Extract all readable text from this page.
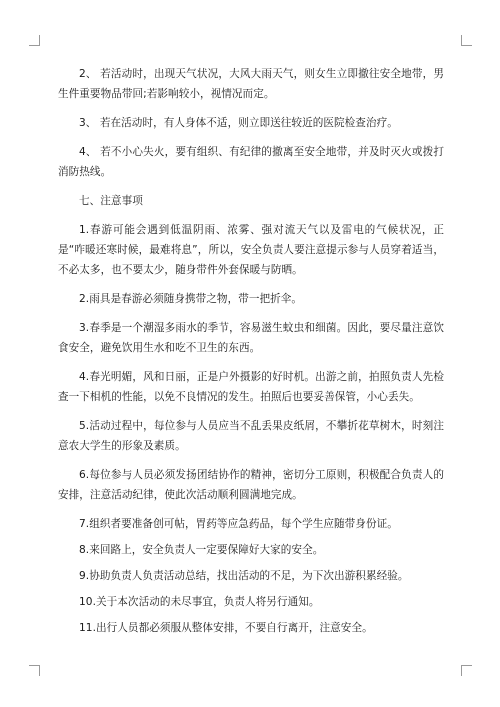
2、 若活动时，出现天气状况，大风大雨天气，则女生立即撤往安全地带，男生件重要物品带回;若影响较小，视情况而定。

3、 若在活动时，有人身体不适，则立即送往较近的医院检查治疗。

4、 若不小心失火，要有组织、有纪律的撤离至安全地带，并及时灭火或拨打消防热线。

七、注意事项

1.春游可能会遇到低温阴雨、浓雾、强对流天气以及雷电的气候状况，正是“咋暖还寒时候，最难将息”，所以，安全负责人要注意提示参与人员穿着适当，不必太多，也不要太少，随身带件外套保暖与防晒。

2.雨具是春游必须随身携带之物，带一把折伞。

3.春季是一个潮湿多雨水的季节，容易滋生蚊虫和细菌。因此，要尽量注意饮食安全，避免饮用生水和吃不卫生的东西。

4.春光明媚，风和日丽，正是户外摄影的好时机。出游之前，拍照负责人先检查一下相机的性能，以免不良情况的发生。拍照后也要妥善保管，小心丢失。

5.活动过程中，每位参与人员应当不乱丢果皮纸屑，不攀折花草树木，时刻注意农大学生的形象及素质。

6.每位参与人员必须发扬团结协作的精神，密切分工原则，积极配合负责人的安排，注意活动纪律，使此次活动顺利圆满地完成。

7.组织者要准备创可帖，胃药等应急药品，每个学生应随带身份证。

8.来回路上，安全负责人一定要保障好大家的安全。

9.协助负责人负责活动总结，找出活动的不足，为下次出游积累经验。

10.关于本次活动的未尽事宜，负责人将另行通知。

11.出行人员都必须服从整体安排，不要自行离开，注意安全。
